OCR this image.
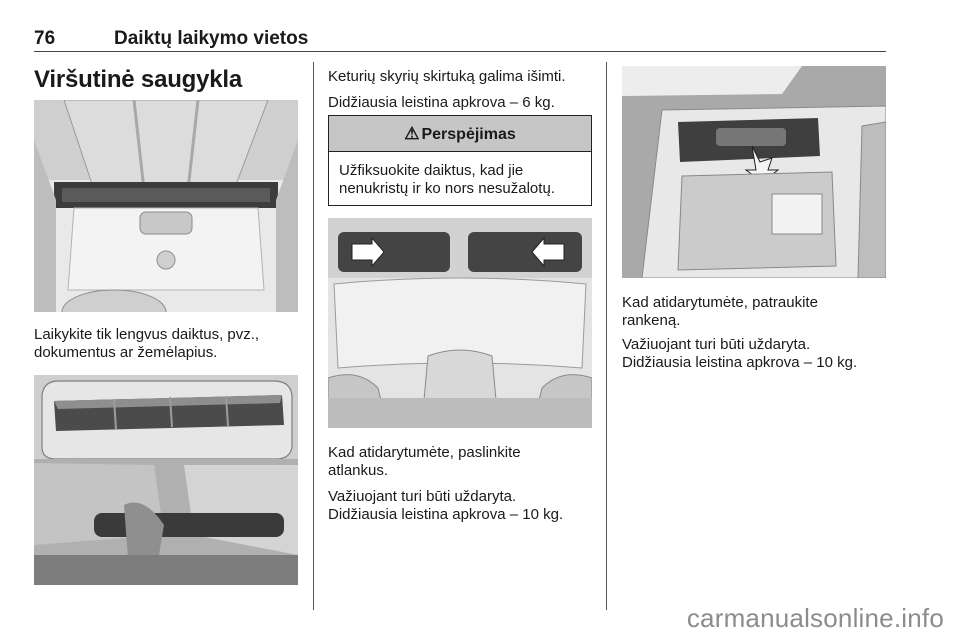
76	Daiktų laikymo vietos
Viršutinė saugykla
Laikykite tik lengvus daiktus, pvz.,
dokumentus ar žemėlapius.
Keturių skyrių skirtuką galima išimti.
Didžiausia leistina apkrova – 6 kg.
⚠ Perspėjimas
Užfiksuokite daiktus, kad jie
nenukristų ir ko nors nesužalotų.
Kad atidarytumėte, paslinkite
atlankus.
Važiuojant turi būti uždaryta.
Didžiausia leistina apkrova – 10 kg.
Kad atidarytumėte, patraukite
rankeną.
Važiuojant turi būti uždaryta.
Didžiausia leistina apkrova – 10 kg.
carmanualsonline.info
